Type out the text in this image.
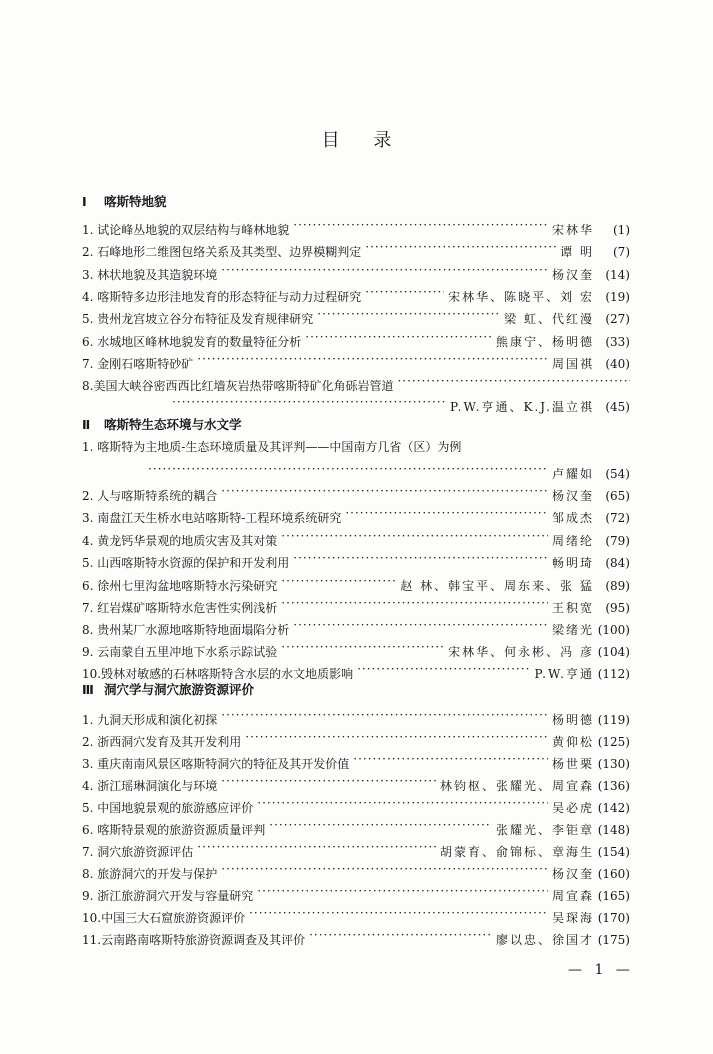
目 录
Ⅰ 喀斯特地貌
1. 试论峰丛地貌的双层结构与峰林地貌 ·····	宋林华	(1)
2. 石峰地形二维图包络关系及其类型、边界模糊判定 ·····	谭 明	(7)
3. 林状地貌及其造貌环境 ·····	杨汉奎 (14)
4. 喀斯特多边形洼地发育的形态特征与动力过程研究 ·····	宋林华、陈晓平、刘 宏 (19)
5. 贵州龙宫坡立谷分布特征及发育规律研究 ·····	梁 虹、代红漫 (27)
6. 水城地区峰林地貌发育的数量特征分析 ·····	熊康宁、杨明德 (33)
7. 金刚石喀斯特砂矿 ·····	周国祺 (40)
8.美国大峡谷密西西比红墙灰岩热带喀斯特矿化角砾岩管道
·····
·····
P.W.亨通、K.J.温立祺 (45)
Ⅱ 喀斯特生态环境与水文学
1. 喀斯特为主地质-生态环境质量及其评判——中国南方几省（区）为例
·····
卢耀如 (54)
2. 人与喀斯特系统的耦合 ·····	杨汉奎 (65)
3. 南盘江天生桥水电站喀斯特-工程环境系统研究 ·····	邹成杰 (72)
4. 黄龙钙华景观的地质灾害及其对策 ·····	周绪纶 (79)
5. 山西喀斯特水资源的保护和开发利用 ·····	畅明琦 (84)
6. 徐州七里沟盆地喀斯特水污染研究 ·····	赵 林、韩宝平、周东来、张 猛 (89)
7. 红岩煤矿喀斯特水危害性实例浅析 ·····	王积宽 (95)
8. 贵州某厂水源地喀斯特地面塌陷分析 ·····	梁绪光 (100)
9. 云南蒙自五里冲地下水系示踪试验 ·····	宋林华、何永彬、冯 彦 (104)
10.毁林对敏感的石林喀斯特含水层的水文地质影响 ·····	P.W.亨通 (112)
Ⅲ 洞穴学与洞穴旅游资源评价
1. 九洞天形成和演化初探 ·····	杨明德 (119)
2. 浙西洞穴发育及其开发利用 ·····	黄仰松 (125)
3. 重庆南南风景区喀斯特洞穴的特征及其开发价值 ·····	杨世栗 (130)
4. 浙江瑶琳洞演化与环境 ·····	林钧枢、张耀光、周宣森 (136)
5. 中国地貌景观的旅游感应评价 ·····	吴必虎 (142)
6. 喀斯特景观的旅游资源质量评判 ·····	张耀光、李钜章 (148)
7. 洞穴旅游资源评估 ·····	胡蒙育、俞锦标、章海生 (154)
8. 旅游洞穴的开发与保护 ·····	杨汉奎 (160)
9. 浙江旅游洞穴开发与容量研究 ·····	周宣森 (165)
10.中国三大石窟旅游资源评价 ·····	吴琛海 (170)
11.云南路南喀斯特旅游资源调查及其评价 ·····	廖以忠、徐国才 (175)
— 1 —
